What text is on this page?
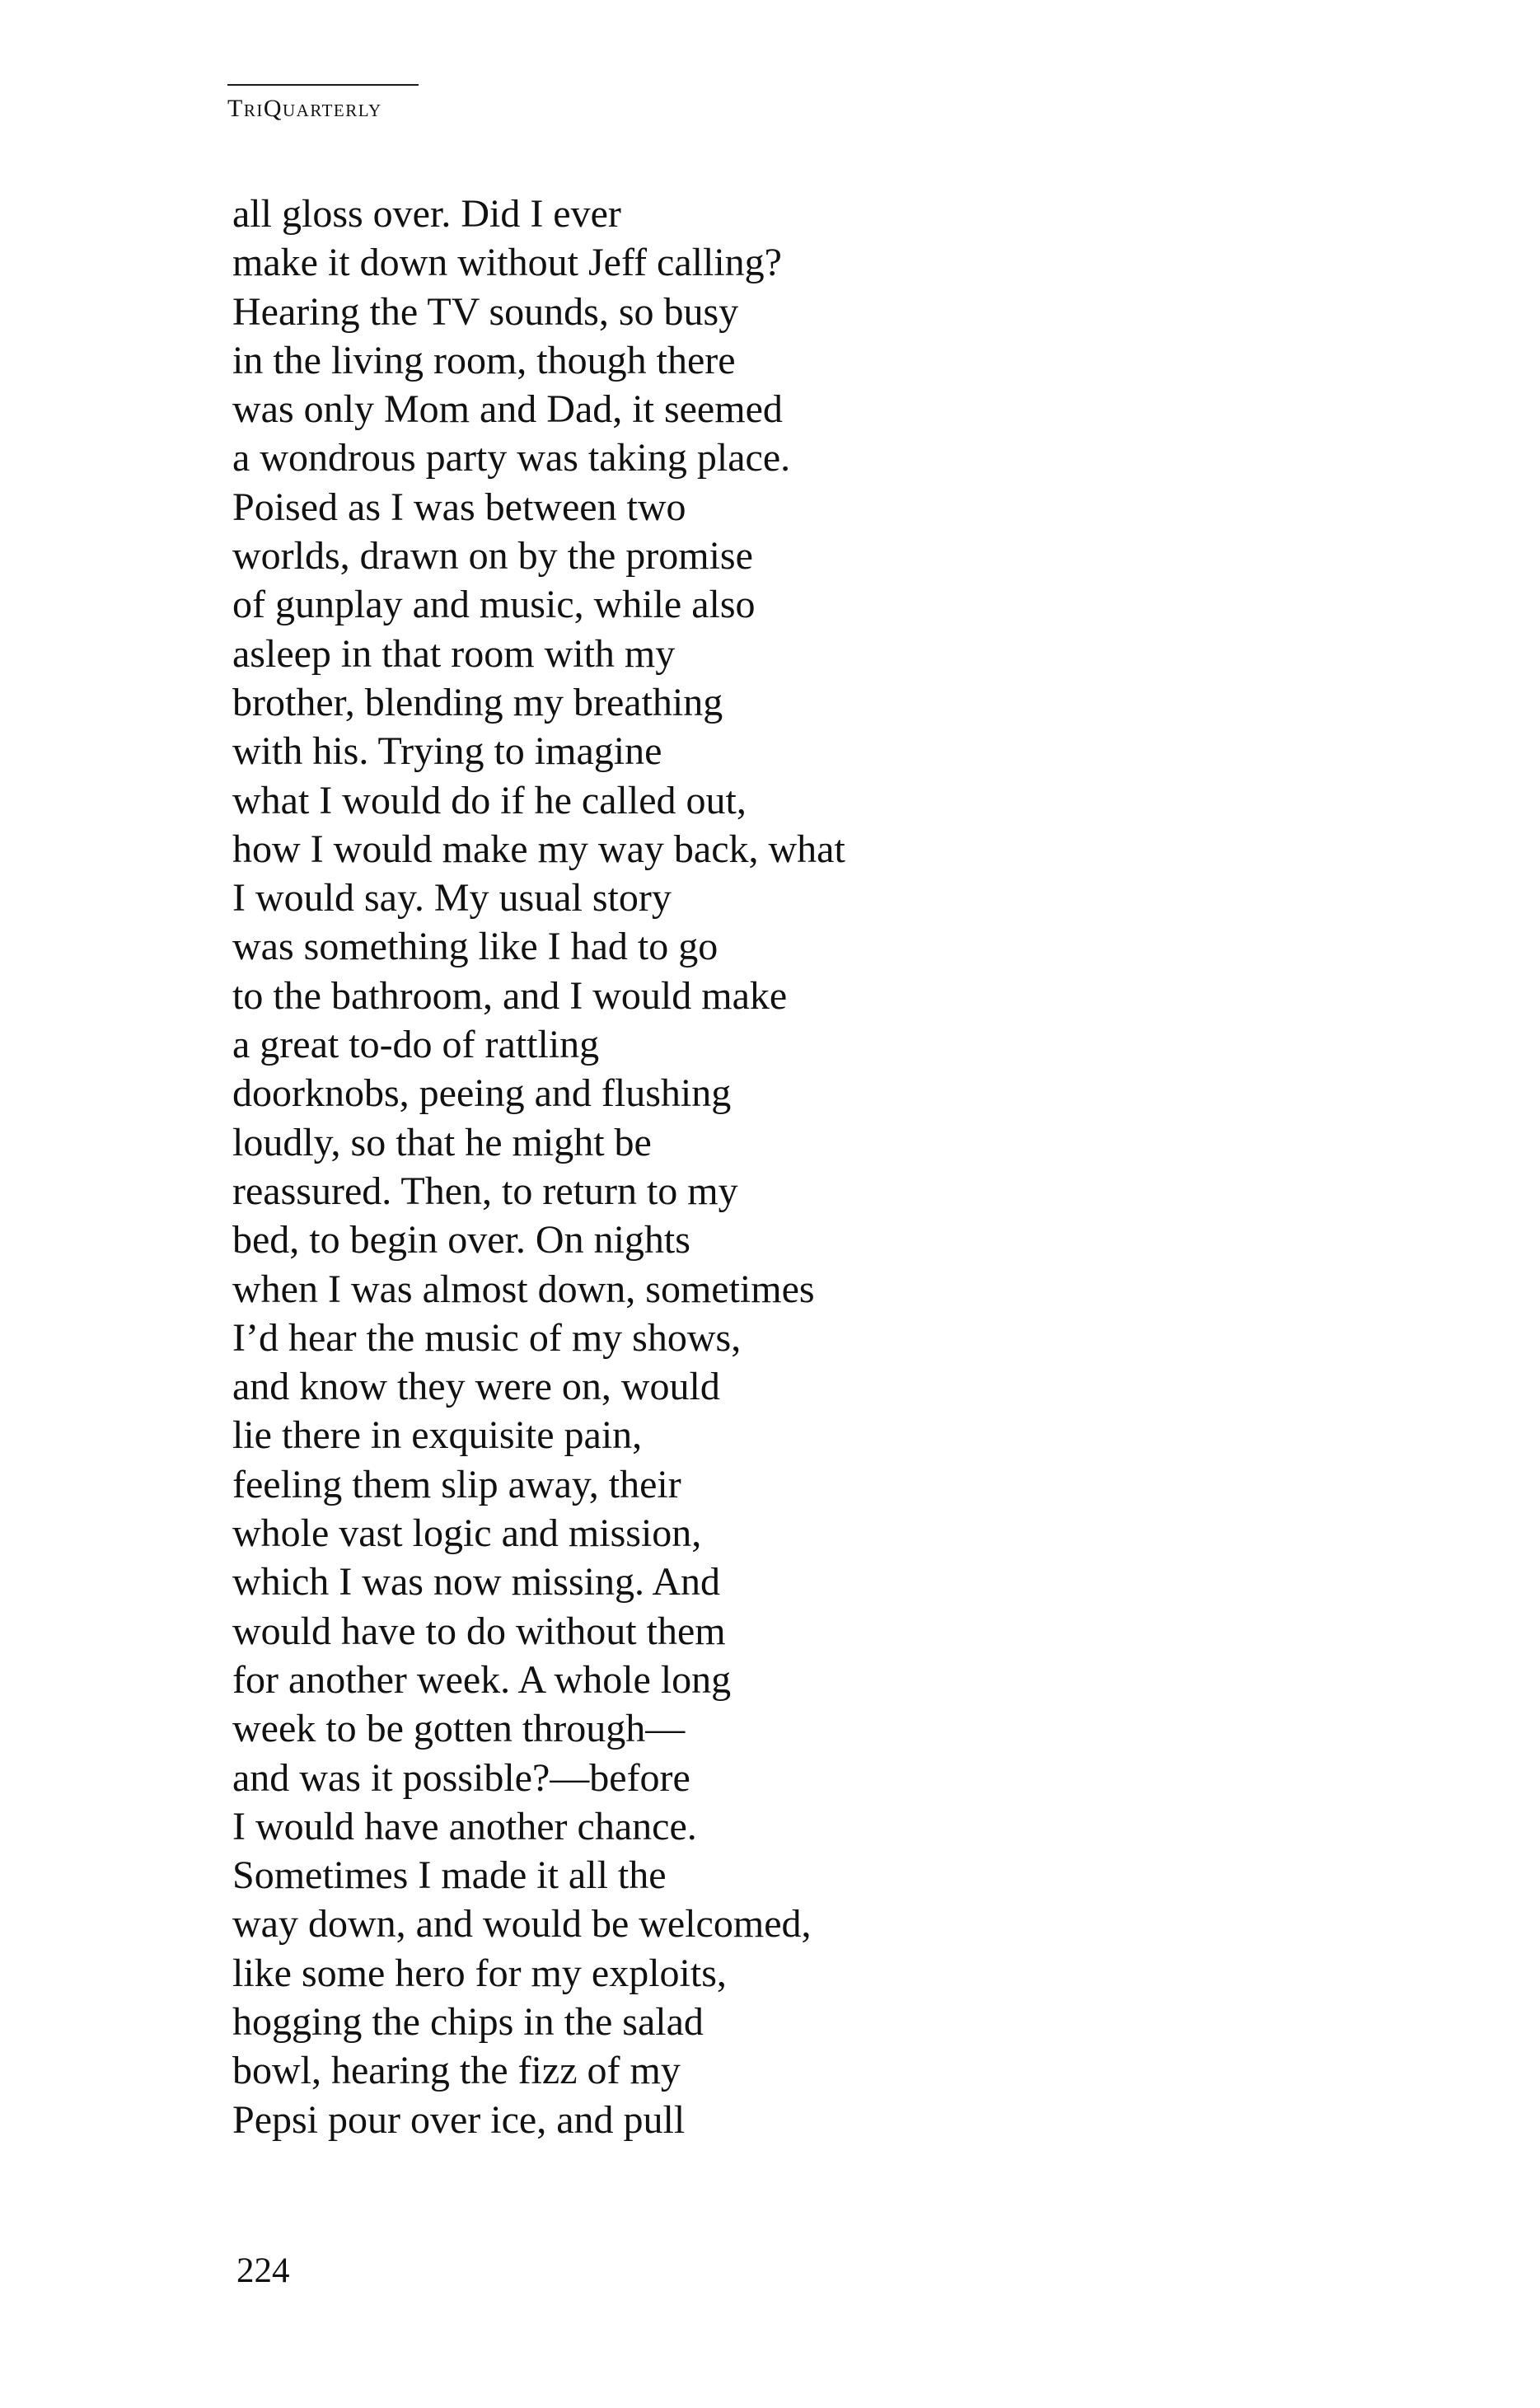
TriQuarterly
all gloss over. Did I ever
make it down without Jeff calling?
Hearing the TV sounds, so busy
in the living room, though there
was only Mom and Dad, it seemed
a wondrous party was taking place.
Poised as I was between two
worlds, drawn on by the promise
of gunplay and music, while also
asleep in that room with my
brother, blending my breathing
with his. Trying to imagine
what I would do if he called out,
how I would make my way back, what
I would say. My usual story
was something like I had to go
to the bathroom, and I would make
a great to-do of rattling
doorknobs, peeing and flushing
loudly, so that he might be
reassured. Then, to return to my
bed, to begin over. On nights
when I was almost down, sometimes
I’d hear the music of my shows,
and know they were on, would
lie there in exquisite pain,
feeling them slip away, their
whole vast logic and mission,
which I was now missing. And
would have to do without them
for another week. A whole long
week to be gotten through—
and was it possible?—before
I would have another chance.
Sometimes I made it all the
way down, and would be welcomed,
like some hero for my exploits,
hogging the chips in the salad
bowl, hearing the fizz of my
Pepsi pour over ice, and pull
224
